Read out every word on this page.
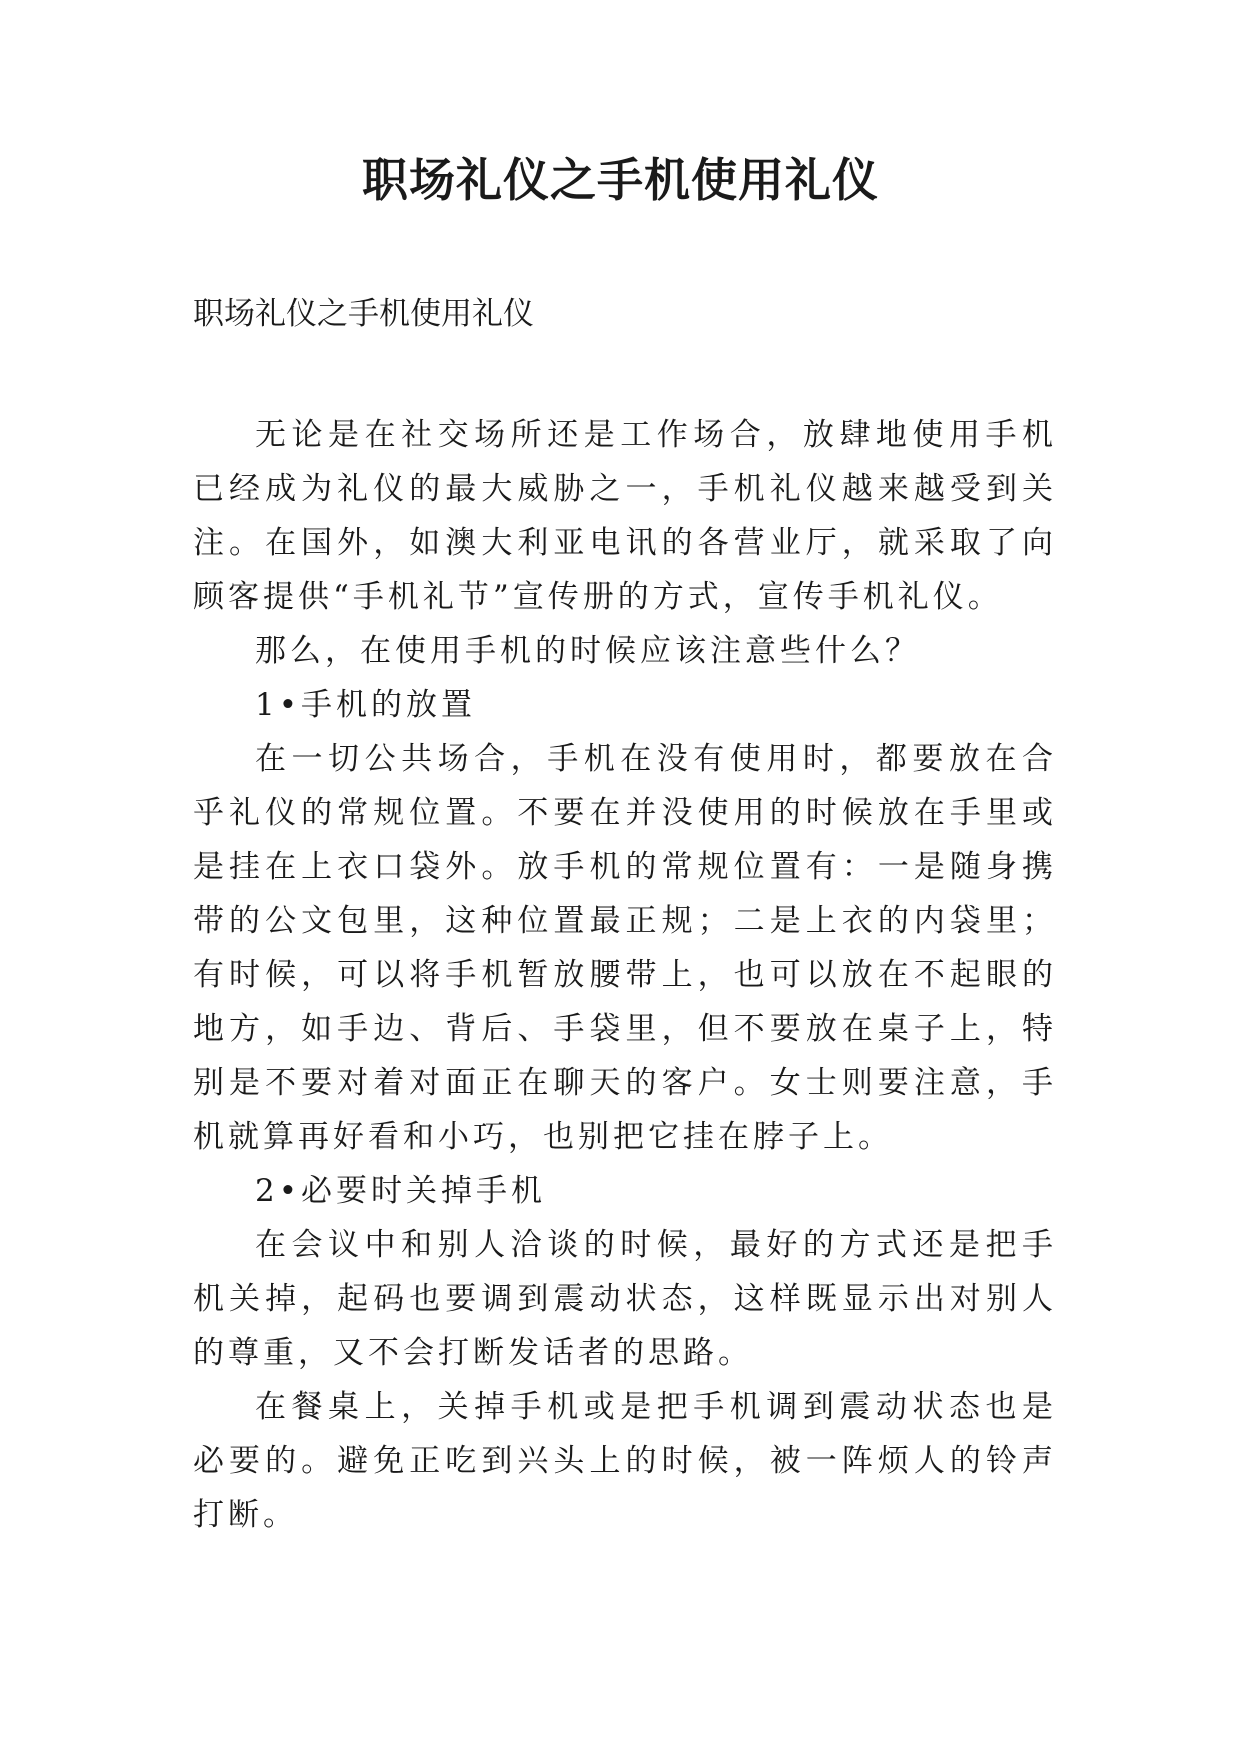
职场礼仪之手机使用礼仪
职场礼仪之手机使用礼仪

无论是在社交场所还是工作场合，放肆地使用手机已经成为礼仪的最大威胁之一，手机礼仪越来越受到关注。在国外，如澳大利亚电讯的各营业厅，就采取了向顾客提供“手机礼节”宣传册的方式，宣传手机礼仪。

那么，在使用手机的时候应该注意些什么？

1•手机的放置

在一切公共场合，手机在没有使用时，都要放在合乎礼仪的常规位置。不要在并没使用的时候放在手里或是挂在上衣口袋外。放手机的常规位置有：一是随身携带的公文包里，这种位置最正规；二是上衣的内袋里；有时候，可以将手机暂放腰带上，也可以放在不起眼的地方，如手边、背后、手袋里，但不要放在桌子上，特别是不要对着对面正在聊天的客户。女士则要注意，手机就算再好看和小巧，也别把它挂在脖子上。

2•必要时关掉手机

在会议中和别人洽谈的时候，最好的方式还是把手机关掉，起码也要调到震动状态，这样既显示出对别人的尊重，又不会打断发话者的思路。

在餐桌上，关掉手机或是把手机调到震动状态也是必要的。避免正吃到兴头上的时候，被一阵烦人的铃声打断。
